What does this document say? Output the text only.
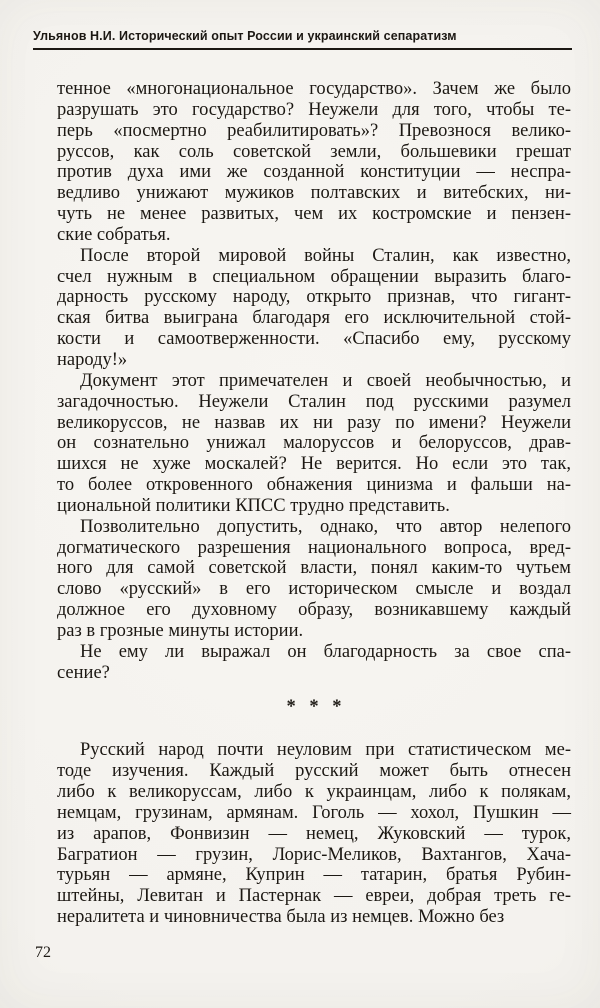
Ульянов Н.И. Исторический опыт России и украинский сепаратизм
тенное «многонациональное государство». Зачем же было
разрушать это государство? Неужели для того, чтобы те-
перь «посмертно реабилитировать»? Превознося велико-
руссов, как соль советской земли, большевики грешат
против духа ими же созданной конституции — неспра-
ведливо унижают мужиков полтавских и витебских, ни-
чуть не менее развитых, чем их костромские и пензен-
ские собратья.
После второй мировой войны Сталин, как известно,
счел нужным в специальном обращении выразить благо-
дарность русскому народу, открыто признав, что гигант-
ская битва выиграна благодаря его исключительной стой-
кости и самоотверженности. «Спасибо ему, русскому
народу!»
Документ этот примечателен и своей необычностью, и
загадочностью. Неужели Сталин под русскими разумел
великоруссов, не назвав их ни разу по имени? Неужели
он сознательно унижал малоруссов и белоруссов, драв-
шихся не хуже москалей? Не верится. Но если это так,
то более откровенного обнажения цинизма и фальши на-
циональной политики КПСС трудно представить.
Позволительно допустить, однако, что автор нелепого
догматического разрешения национального вопроса, вред-
ного для самой советской власти, понял каким-то чутьем
слово «русский» в его историческом смысле и воздал
должное его духовному образу, возникавшему каждый
раз в грозные минуты истории.
Не ему ли выражал он благодарность за свое спа-
сение?
* * *
Русский народ почти неуловим при статистическом ме-
тоде изучения. Каждый русский может быть отнесен
либо к великоруссам, либо к украинцам, либо к полякам,
немцам, грузинам, армянам. Гоголь — хохол, Пушкин —
из арапов, Фонвизин — немец, Жуковский — турок,
Багратион — грузин, Лорис-Меликов, Вахтангов, Хача-
турьян — армяне, Куприн — татарин, братья Рубин-
штейны, Левитан и Пастернак — евреи, добрая треть ге-
нералитета и чиновничества была из немцев. Можно без
72
